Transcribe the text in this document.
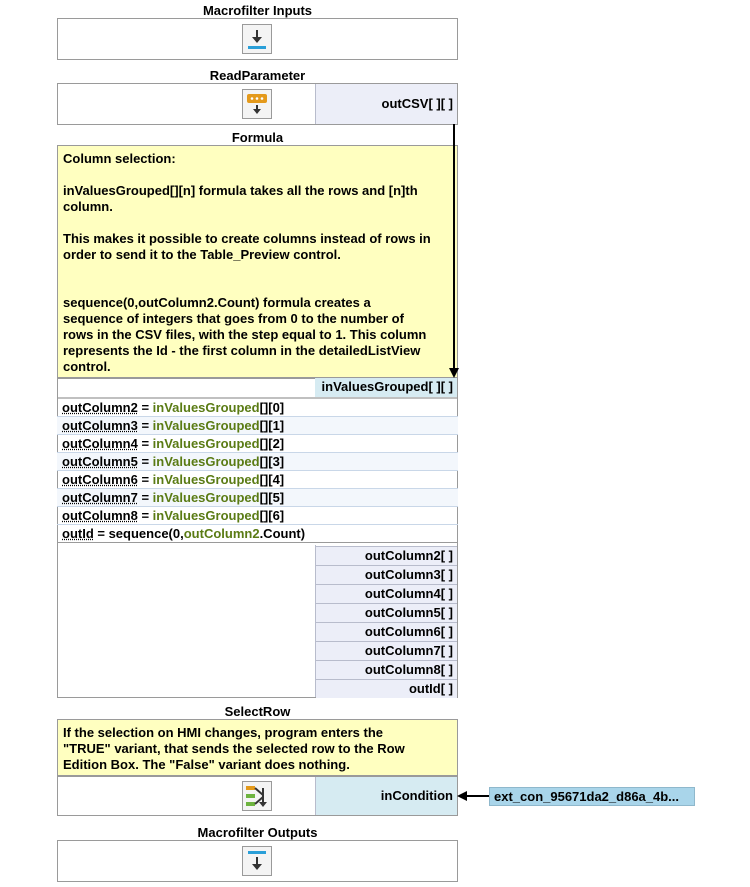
Macrofilter Inputs
ReadParameter
outCSV[ ][ ]
Formula

Column selection:

inValuesGrouped[][n] formula takes all the rows and [n]th column.

This makes it possible to create columns instead of rows in order to send it to the Table_Preview control.

sequence(0,outColumn2.Count) formula creates a sequence of integers that goes from 0 to the number of rows in the CSV files, with the step equal to 1. This column represents the Id - the first column in the detailedListView control.

inValuesGrouped[ ][ ]
outColumn2 = inValuesGrouped[][0]
outColumn3 = inValuesGrouped[][1]
outColumn4 = inValuesGrouped[][2]
outColumn5 = inValuesGrouped[][3]
outColumn6 = inValuesGrouped[][4]
outColumn7 = inValuesGrouped[][5]
outColumn8 = inValuesGrouped[][6]
outId = sequence(0,outColumn2.Count)
outColumn2[ ]
outColumn3[ ]
outColumn4[ ]
outColumn5[ ]
outColumn6[ ]
outColumn7[ ]
outColumn8[ ]
outId[ ]
SelectRow
If the selection on HMI changes, program enters the "TRUE" variant, that sends the selected row to the Row Edition Box. The "False" variant does nothing.
inCondition	ext_con_95671da2_d86a_4b...
Macrofilter Outputs
